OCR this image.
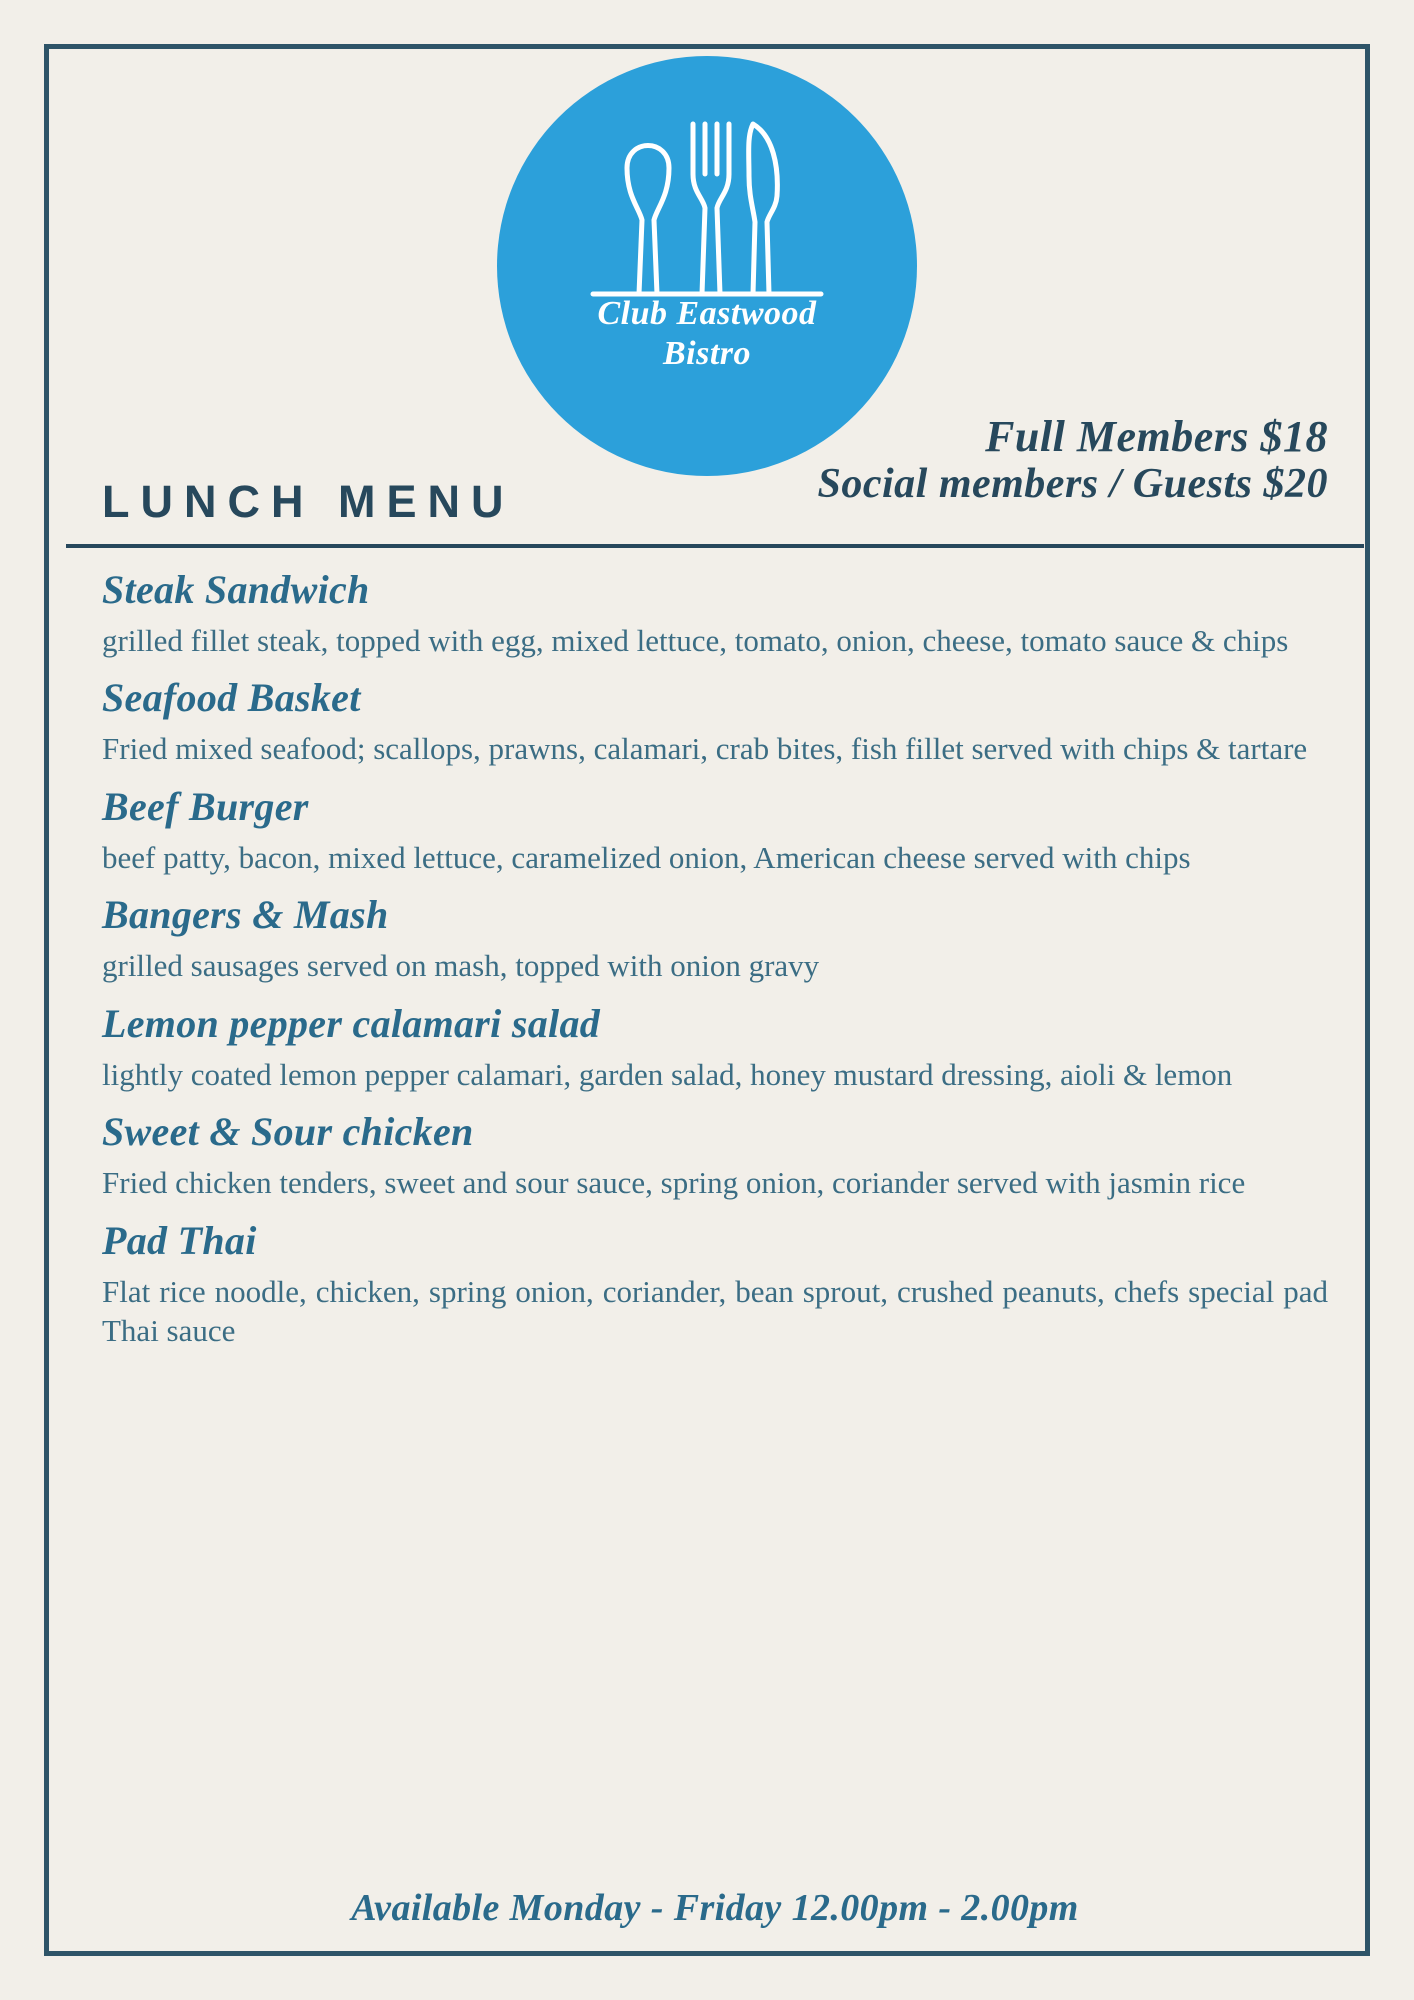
Club Eastwood
Bistro
LUNCH MENU
Full Members $18
Social members / Guests $20

Steak Sandwich

grilled fillet steak, topped with egg, mixed lettuce, tomato, onion, cheese, tomato sauce & chips

Seafood Basket

Fried mixed seafood; scallops, prawns, calamari, crab bites, fish fillet served with chips & tartare

Beef Burger

beef patty, bacon, mixed lettuce, caramelized onion, American cheese served with chips

Bangers & Mash

grilled sausages served on mash, topped with onion gravy

Lemon pepper calamari salad

lightly coated lemon pepper calamari, garden salad, honey mustard dressing, aioli & lemon

Sweet & Sour chicken

Fried chicken tenders, sweet and sour sauce, spring onion, coriander served with jasmin rice

Pad Thai

Flat rice noodle, chicken, spring onion, coriander, bean sprout, crushed peanuts, chefs special pad Thai sauce

Available Monday - Friday 12.00pm - 2.00pm
